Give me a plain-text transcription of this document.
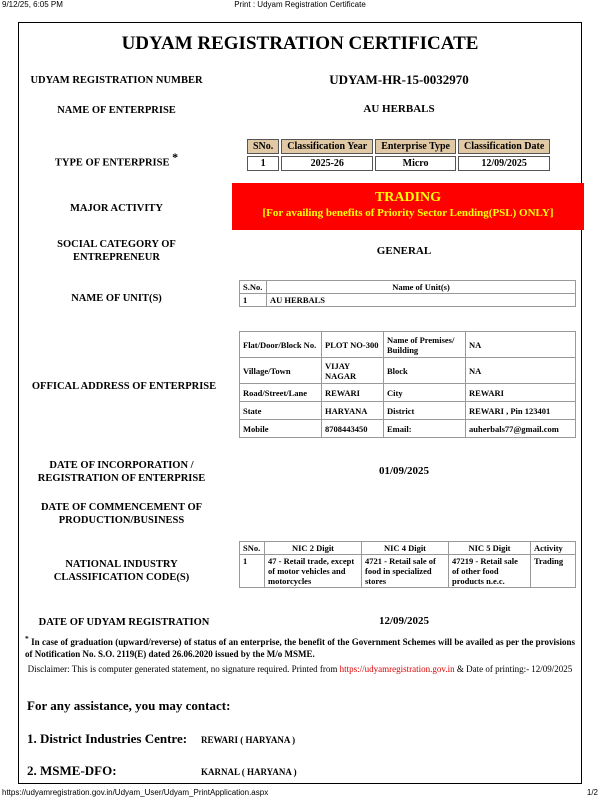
9/12/25, 6:05 PM	Print : Udyam Registration Certificate
UDYAM REGISTRATION CERTIFICATE
UDYAM REGISTRATION NUMBER	UDYAM-HR-15-0032970
NAME OF ENTERPRISE	AU HERBALS
TYPE OF ENTERPRISE *
SNo.	Classification Year	Enterprise Type	Classification Date
1	2025-26	Micro	12/09/2025
MAJOR ACTIVITY
TRADING
[For availing benefits of Priority Sector Lending(PSL) ONLY]
SOCIAL CATEGORY OF ENTREPRENEUR
GENERAL
NAME OF UNIT(S)
S.No.	Name of Unit(s)
1	AU HERBALS
OFFICAL ADDRESS OF ENTERPRISE
Flat/Door/Block No.	PLOT NO-300	Name of Premises/ Building	NA
Village/Town	VIJAY NAGAR	Block	NA
Road/Street/Lane	REWARI	City	REWARI
State	HARYANA	District	REWARI , Pin 123401
Mobile	8708443450	Email:	auherbals77@gmail.com
DATE OF INCORPORATION / REGISTRATION OF ENTERPRISE
01/09/2025
DATE OF COMMENCEMENT OF PRODUCTION/BUSINESS
NATIONAL INDUSTRY CLASSIFICATION CODE(S)
SNo.	NIC 2 Digit	NIC 4 Digit	NIC 5 Digit	Activity
1	47 - Retail trade, except of motor vehicles and motorcycles	4721 - Retail sale of food in specialized stores	47219 - Retail sale of other food products n.e.c.	Trading
DATE OF UDYAM REGISTRATION	12/09/2025
* In case of graduation (upward/reverse) of status of an enterprise, the benefit of the Government Schemes will be availed as per the provisions of Notification No. S.O. 2119(E) dated 26.06.2020 issued by the M/o MSME.
Disclaimer: This is computer generated statement, no signature required. Printed from https://udyamregistration.gov.in & Date of printing:- 12/09/2025
For any assistance, you may contact:
1. District Industries Centre: REWARI ( HARYANA )
2. MSME-DFO:	KARNAL ( HARYANA )
https://udyamregistration.gov.in/Udyam_User/Udyam_PrintApplication.aspx	1/2
